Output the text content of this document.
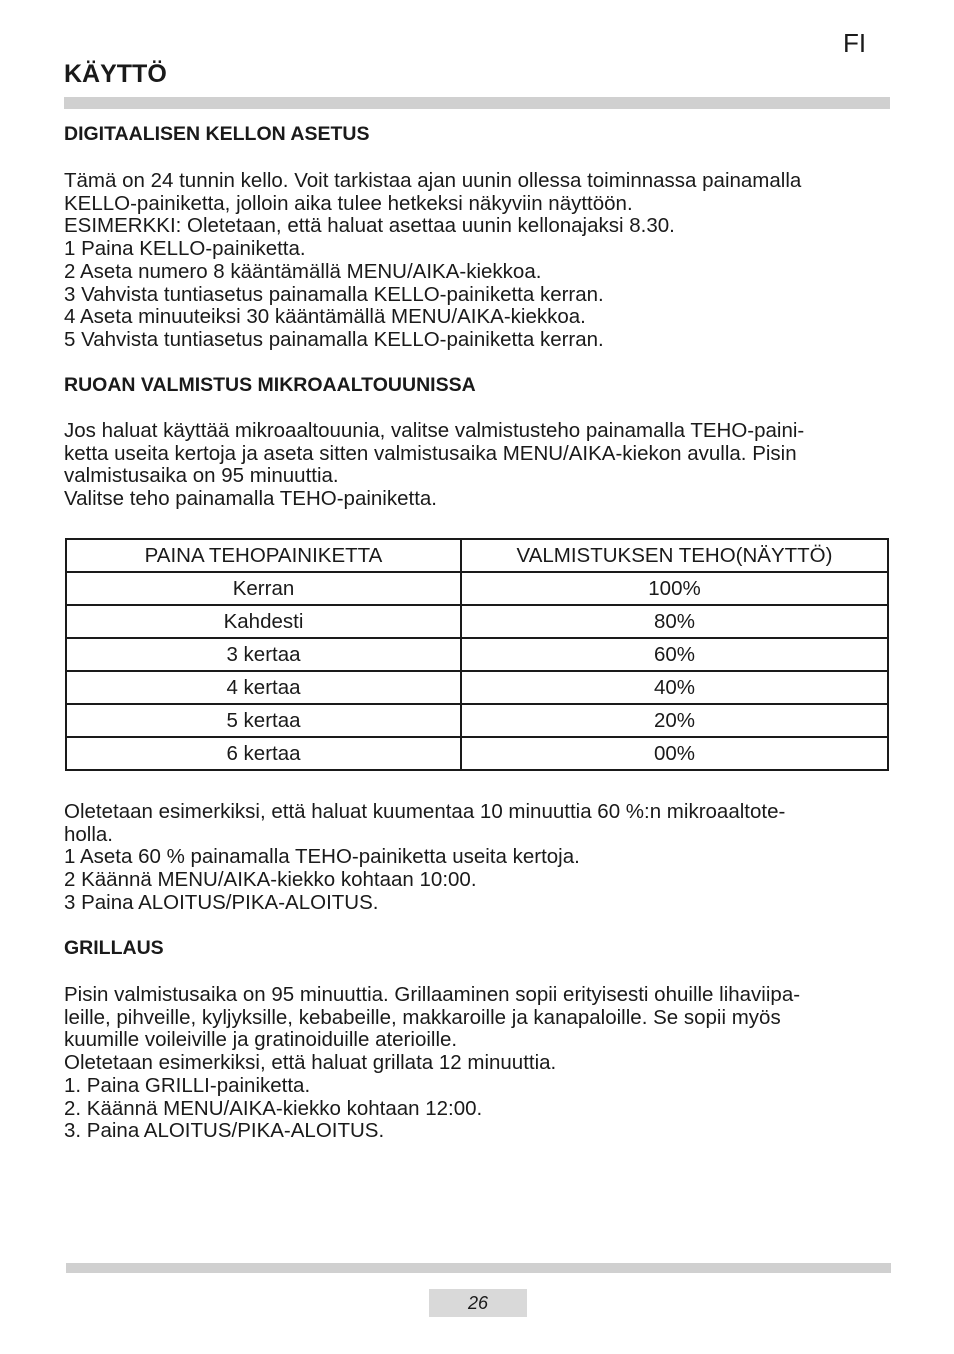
FI
KÄYTTÖ
DIGITAALISEN KELLON ASETUS
Tämä on 24 tunnin kello. Voit tarkistaa ajan uunin ollessa toiminnassa painamalla
KELLO-painiketta, jolloin aika tulee hetkeksi näkyviin näyttöön.
ESIMERKKI: Oletetaan, että haluat asettaa uunin kellonajaksi 8.30.
1 Paina KELLO-painiketta.
2 Aseta numero 8 kääntämällä MENU/AIKA-kiekkoa.
3 Vahvista tuntiasetus painamalla KELLO-painiketta kerran.
4 Aseta minuuteiksi 30 kääntämällä MENU/AIKA-kiekkoa.
5 Vahvista tuntiasetus painamalla KELLO-painiketta kerran.
RUOAN VALMISTUS MIKROAALTOUUNISSA
Jos haluat käyttää mikroaaltouunia, valitse valmistusteho painamalla TEHO-paini-
ketta useita kertoja ja aseta sitten valmistusaika MENU/AIKA-kiekon avulla. Pisin
valmistusaika on 95 minuuttia.
Valitse teho painamalla TEHO-painiketta.
PAINA TEHOPAINIKETTA	VALMISTUKSEN TEHO(NÄYTTÖ)
Kerran	100%
Kahdesti	80%
3 kertaa	60%
4 kertaa	40%
5 kertaa	20%
6 kertaa	00%
Oletetaan esimerkiksi, että haluat kuumentaa 10 minuuttia 60 %:n mikroaaltote-
holla.
1 Aseta 60 % painamalla TEHO-painiketta useita kertoja.
2 Käännä MENU/AIKA-kiekko kohtaan 10:00.
3 Paina ALOITUS/PIKA-ALOITUS.
GRILLAUS
Pisin valmistusaika on 95 minuuttia. Grillaaminen sopii erityisesti ohuille lihaviipa-
leille, pihveille, kyljyksille, kebabeille, makkaroille ja kanapaloille. Se sopii myös
kuumille voileiville ja gratinoiduille aterioille.
Oletetaan esimerkiksi, että haluat grillata 12 minuuttia.
1. Paina GRILLI-painiketta.
2. Käännä MENU/AIKA-kiekko kohtaan 12:00.
3. Paina ALOITUS/PIKA-ALOITUS.
26
